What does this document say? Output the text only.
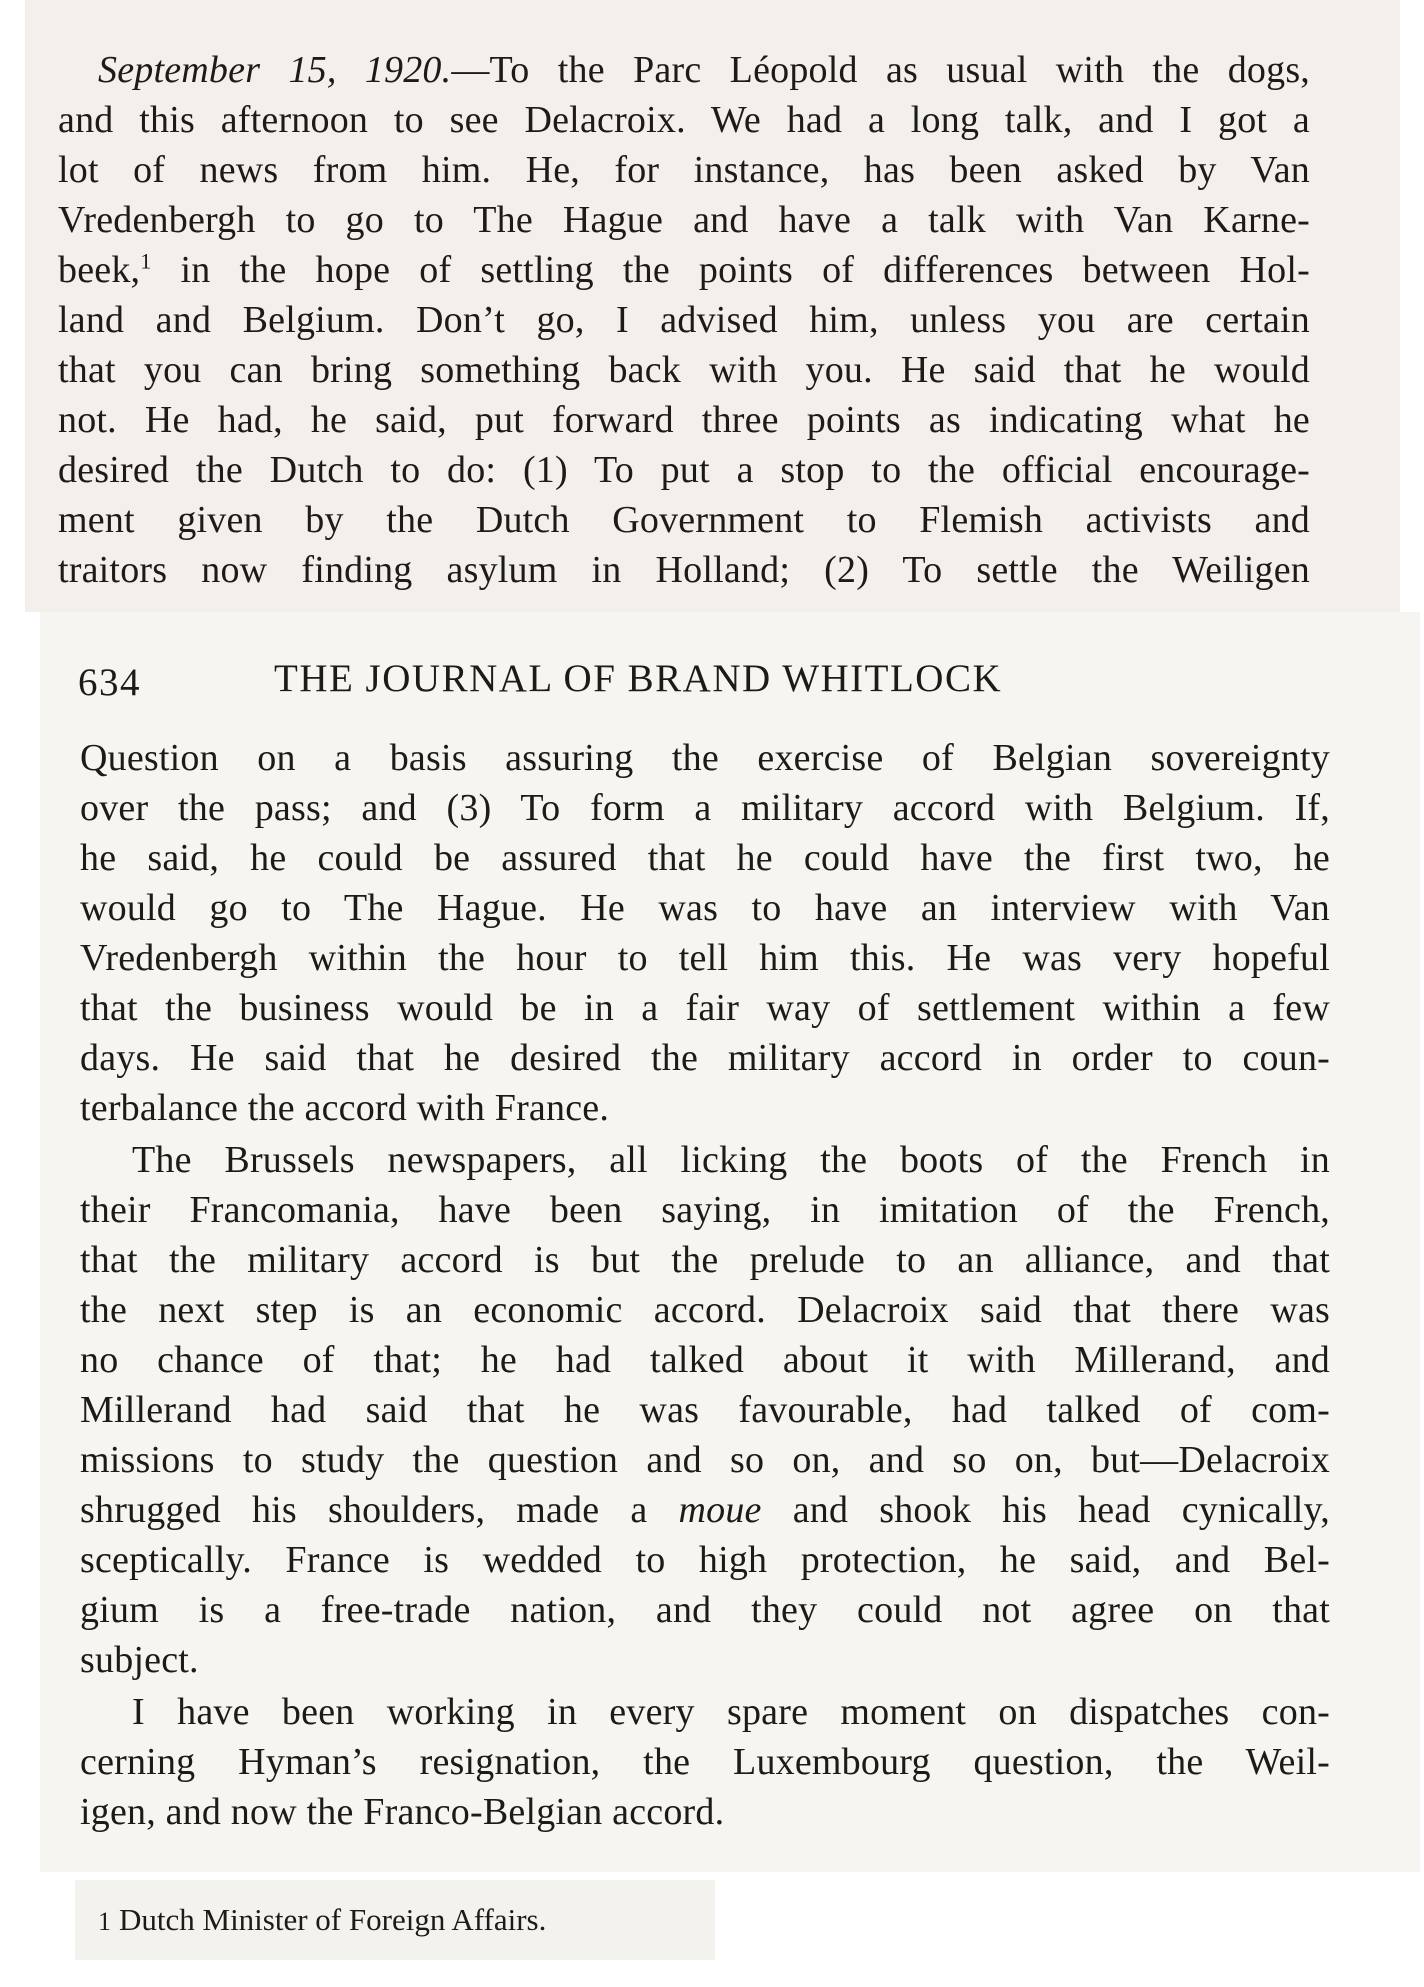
September 15, 1920.—To the Parc Léopold as usual with the dogs,
and this afternoon to see Delacroix. We had a long talk, and I got a
lot of news from him. He, for instance, has been asked by Van
Vredenbergh to go to The Hague and have a talk with Van Karne-
beek,$^1$ in the hope of settling the points of differences between Hol-
land and Belgium. Don’t go, I advised him, unless you are certain
that you can bring something back with you. He said that he would
not. He had, he said, put forward three points as indicating what he
desired the Dutch to do: (1) To put a stop to the official encourage-
ment given by the Dutch Government to Flemish activists and
traitors now finding asylum in Holland; (2) To settle the Weiligen
634	THE JOURNAL OF BRAND WHITLOCK
Question on a basis assuring the exercise of Belgian sovereignty
over the pass; and (3) To form a military accord with Belgium. If,
he said, he could be assured that he could have the first two, he
would go to The Hague. He was to have an interview with Van
Vredenbergh within the hour to tell him this. He was very hopeful
that the business would be in a fair way of settlement within a few
days. He said that he desired the military accord in order to coun-
terbalance the accord with France.
The Brussels newspapers, all licking the boots of the French in
their Francomania, have been saying, in imitation of the French,
that the military accord is but the prelude to an alliance, and that
the next step is an economic accord. Delacroix said that there was
no chance of that; he had talked about it with Millerand, and
Millerand had said that he was favourable, had talked of com-
missions to study the question and so on, and so on, but—Delacroix
shrugged his shoulders, made a moue and shook his head cynically,
sceptically. France is wedded to high protection, he said, and Bel-
gium is a free-trade nation, and they could not agree on that
subject.
I have been working in every spare moment on dispatches con-
cerning Hyman’s resignation, the Luxembourg question, the Weil-
igen, and now the Franco-Belgian accord.
1 Dutch Minister of Foreign Affairs.
